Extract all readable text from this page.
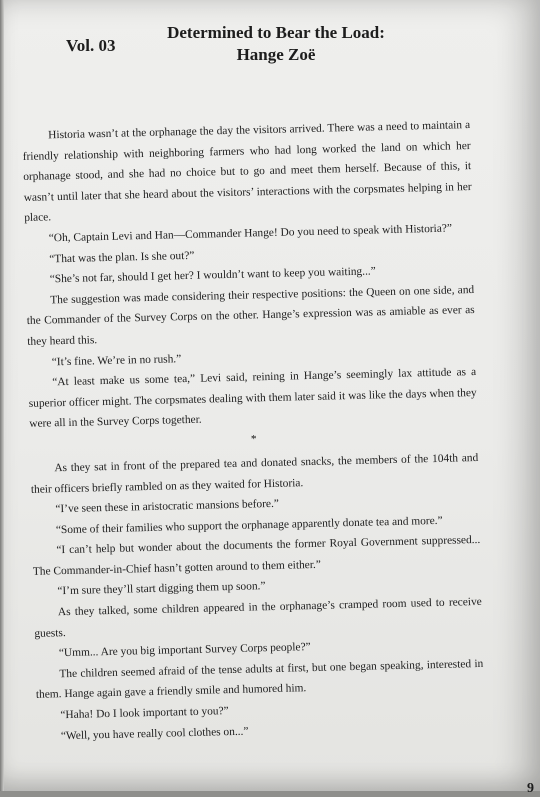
Vol. 03
Determined to Bear the Load:
Hange Zoë

Historia wasn’t at the orphanage the day the visitors arrived. There was a need to maintain a friendly relationship with neighboring farmers who had long worked the land on which her orphanage stood, and she had no choice but to go and meet them herself. Because of this, it wasn’t until later that she heard about the visitors’ interactions with the corpsmates helping in her place.

“Oh, Captain Levi and Han—Commander Hange! Do you need to speak with Historia?”

“That was the plan. Is she out?”

“She’s not far, should I get her? I wouldn’t want to keep you waiting...”

The suggestion was made considering their respective positions: the Queen on one side, and the Commander of the Survey Corps on the other. Hange’s expression was as amiable as ever as they heard this.

“It’s fine. We’re in no rush.”

“At least make us some tea,” Levi said, reining in Hange’s seemingly lax attitude as a superior officer might. The corpsmates dealing with them later said it was like the days when they were all in the Survey Corps together.

*

As they sat in front of the prepared tea and donated snacks, the members of the 104th and their officers briefly rambled on as they waited for Historia.

“I’ve seen these in aristocratic mansions before.”

“Some of their families who support the orphanage apparently donate tea and more.”

“I can’t help but wonder about the documents the former Royal Government suppressed... The Commander-in-Chief hasn’t gotten around to them either.”

“I’m sure they’ll start digging them up soon.”

As they talked, some children appeared in the orphanage’s cramped room used to receive guests.

“Umm... Are you big important Survey Corps people?”

The children seemed afraid of the tense adults at first, but one began speaking, interested in them. Hange again gave a friendly smile and humored him.

“Haha! Do I look important to you?”

“Well, you have really cool clothes on...”

9
